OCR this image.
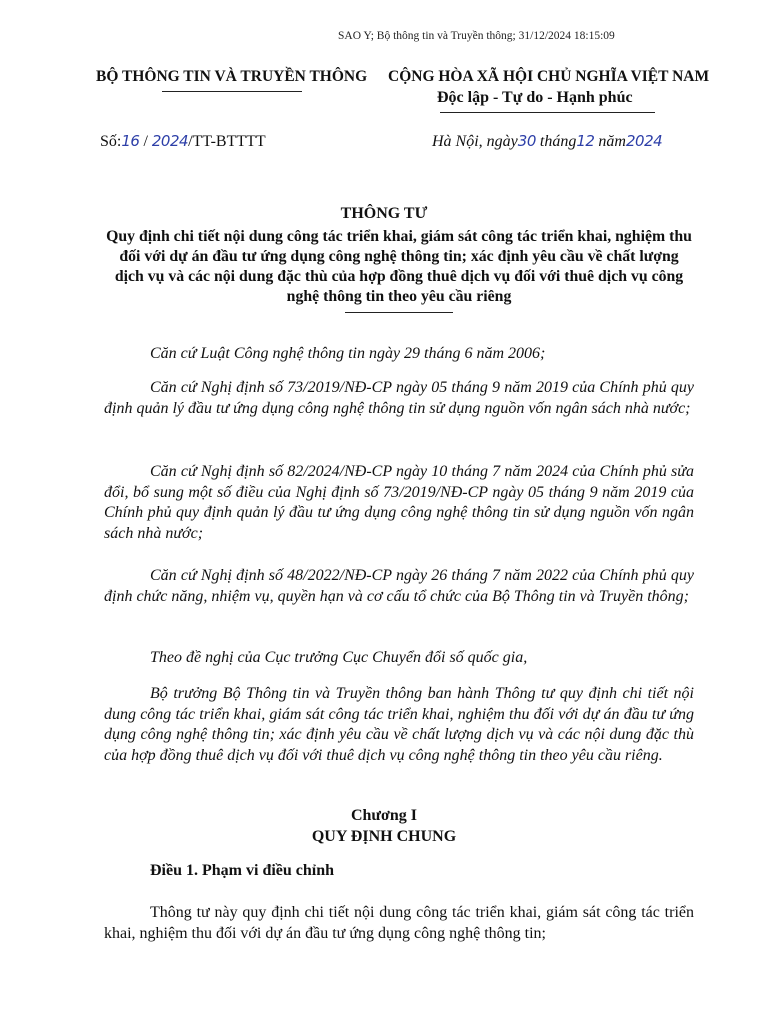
SAO Y; Bộ thông tin và Truyền thông; 31/12/2024 18:15:09
BỘ THÔNG TIN VÀ TRUYỀN THÔNG CỘNG HÒA XÃ HỘI CHỦ NGHĨA VIỆT NAM
Độc lập - Tự do - Hạnh phúc
Số:16 / 2024/TT-BTTTT	Hà Nội, ngày30 tháng12 năm2024
THÔNG TƯ
Quy định chi tiết nội dung công tác triển khai, giám sát công tác triển khai, nghiệm thu đối với dự án đầu tư ứng dụng công nghệ thông tin; xác định yêu cầu về chất lượng dịch vụ và các nội dung đặc thù của hợp đồng thuê dịch vụ đối với thuê dịch vụ công nghệ thông tin theo yêu cầu riêng

Căn cứ Luật Công nghệ thông tin ngày 29 tháng 6 năm 2006;

Căn cứ Nghị định số 73/2019/NĐ-CP ngày 05 tháng 9 năm 2019 của Chính phủ quy định quản lý đầu tư ứng dụng công nghệ thông tin sử dụng nguồn vốn ngân sách nhà nước;

Căn cứ Nghị định số 82/2024/NĐ-CP ngày 10 tháng 7 năm 2024 của Chính phủ sửa đổi, bổ sung một số điều của Nghị định số 73/2019/NĐ-CP ngày 05 tháng 9 năm 2019 của Chính phủ quy định quản lý đầu tư ứng dụng công nghệ thông tin sử dụng nguồn vốn ngân sách nhà nước;

Căn cứ Nghị định số 48/2022/NĐ-CP ngày 26 tháng 7 năm 2022 của Chính phủ quy định chức năng, nhiệm vụ, quyền hạn và cơ cấu tổ chức của Bộ Thông tin và Truyền thông;

Theo đề nghị của Cục trưởng Cục Chuyển đổi số quốc gia,

Bộ trưởng Bộ Thông tin và Truyền thông ban hành Thông tư quy định chi tiết nội dung công tác triển khai, giám sát công tác triển khai, nghiệm thu đối với dự án đầu tư ứng dụng công nghệ thông tin; xác định yêu cầu về chất lượng dịch vụ và các nội dung đặc thù của hợp đồng thuê dịch vụ đối với thuê dịch vụ công nghệ thông tin theo yêu cầu riêng.

Chương I
QUY ĐỊNH CHUNG
Điều 1. Phạm vi điều chỉnh

Thông tư này quy định chi tiết nội dung công tác triển khai, giám sát công tác triển khai, nghiệm thu đối với dự án đầu tư ứng dụng công nghệ thông tin;
